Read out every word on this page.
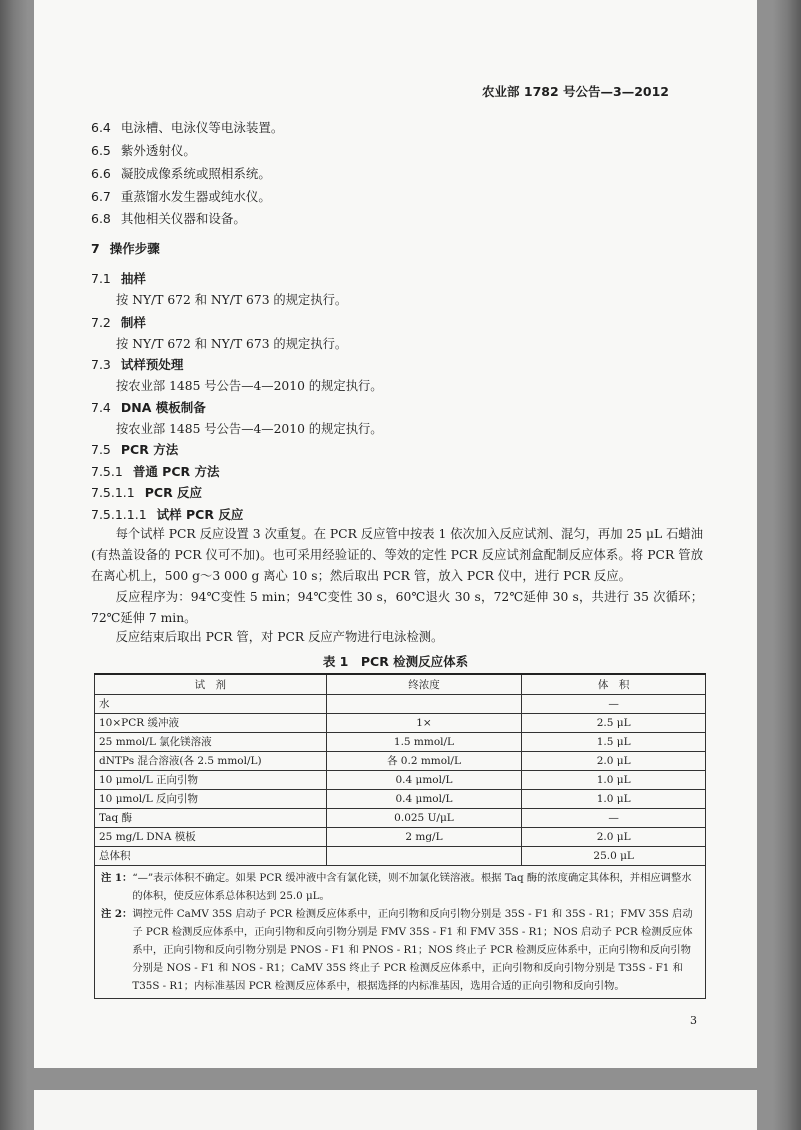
农业部 1782 号公告—3—2012
6.4 电泳槽、电泳仪等电泳装置。
6.5 紫外透射仪。
6.6 凝胶成像系统或照相系统。
6.7 重蒸馏水发生器或纯水仪。
6.8 其他相关仪器和设备。
7 操作步骤
7.1 抽样
按 NY/T 672 和 NY/T 673 的规定执行。
7.2 制样
按 NY/T 672 和 NY/T 673 的规定执行。
7.3 试样预处理
按农业部 1485 号公告—4—2010 的规定执行。
7.4 DNA 模板制备
按农业部 1485 号公告—4—2010 的规定执行。
7.5 PCR 方法
7.5.1 普通 PCR 方法
7.5.1.1 PCR 反应
7.5.1.1.1 试样 PCR 反应
每个试样 PCR 反应设置 3 次重复。在 PCR 反应管中按表 1 依次加入反应试剂、混匀，再加 25 μL 石蜡油(有热盖设备的 PCR 仪可不加)。也可采用经验证的、等效的定性 PCR 反应试剂盒配制反应体系。将 PCR 管放在离心机上，500 g～3 000 g 离心 10 s；然后取出 PCR 管，放入 PCR 仪中，进行 PCR 反应。
反应程序为：94℃变性 5 min；94℃变性 30 s，60℃退火 30 s，72℃延伸 30 s，共进行 35 次循环；72℃延伸 7 min。
反应结束后取出 PCR 管，对 PCR 反应产物进行电泳检测。
表 1　PCR 检测反应体系
试　剂	终浓度	体　积
水		—
10×PCR 缓冲液	1×	2.5 μL
25 mmol/L 氯化镁溶液	1.5 mmol/L	1.5 μL
dNTPs 混合溶液(各 2.5 mmol/L)	各 0.2 mmol/L	2.0 μL
10 μmol/L 正向引物	0.4 μmol/L	1.0 μL
10 μmol/L 反向引物	0.4 μmol/L	1.0 μL
Taq 酶	0.025 U/μL	—
25 mg/L DNA 模板	2 mg/L	2.0 μL
总体积		25.0 μL

注 1： “—”表示体积不确定。如果 PCR 缓冲液中含有氯化镁，则不加氯化镁溶液。根据 Taq 酶的浓度确定其体积，并相应调整水的体积，使反应体系总体积达到 25.0 μL。
注 2： 调控元件 CaMV 35S 启动子 PCR 检测反应体系中，正向引物和反向引物分别是 35S - F1 和 35S - R1；FMV 35S 启动子 PCR 检测反应体系中，正向引物和反向引物分别是 FMV 35S - F1 和 FMV 35S - R1；NOS 启动子 PCR 检测反应体系中，正向引物和反向引物分别是 PNOS - F1 和 PNOS - R1；NOS 终止子 PCR 检测反应体系中，正向引物和反向引物分别是 NOS - F1 和 NOS - R1；CaMV 35S 终止子 PCR 检测反应体系中，正向引物和反向引物分别是 T35S - F1 和 T35S - R1；内标准基因 PCR 检测反应体系中，根据选择的内标准基因，选用合适的正向引物和反向引物。		
3
